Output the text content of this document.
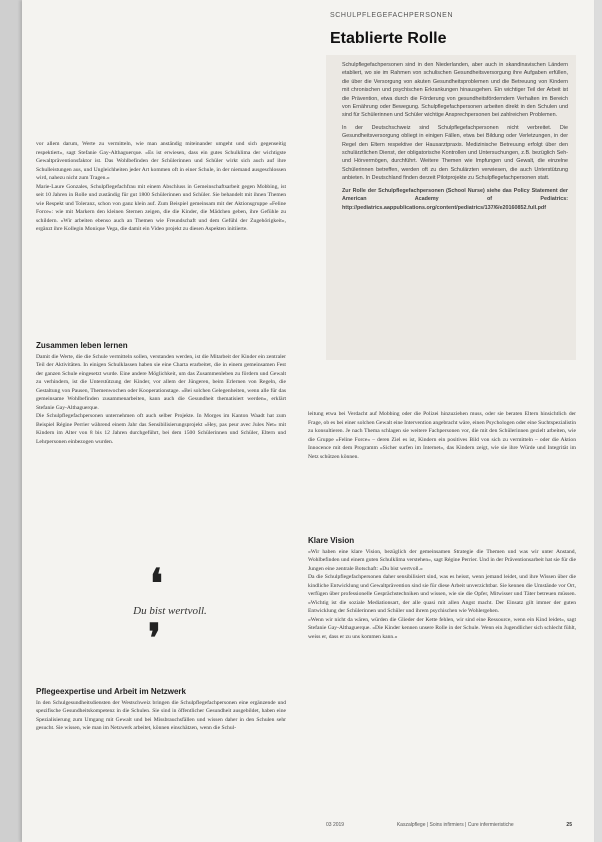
vor allem darum, Werte zu vermitteln, wie man anständig miteinander umgeht und sich gegenseitig respektiert», sagt Stefanie Gay-Althaguerque. «Es ist erwiesen, dass ein gutes Schulklima der wichtigste Gewaltpräventionsfaktor ist. Das Wohlbefinden der Schülerinnen und Schüler wirkt sich auch auf ihre Schulleistungen aus, und Ungleichheiten jeder Art kommen oft in einer Schule, in der niemand ausgeschlossen wird, nahezu nicht zum Tragen.»

Marie-Laure Gonzales, Schulpflegefachfrau mit einem Abschluss in Gemeinschaftsarbeit gegen Mobbing, ist seit 10 Jahren in Rolle und zuständig für gut 1800 Schülerinnen und Schüler. Sie behandelt mit ihnen Themen wie Respekt und Toleranz, schon von ganz klein auf. Zum Beispiel gemeinsam mit der Aktionsgruppe «Feline Force»: wie mit Markern den kleinen Sternen zeigen, die die Kinder, die Mädchen geben, ihre Gefühle zu schildern. «Wir arbeiten ebenso auch an Themen wie Freundschaft und dem Gefühl der Zugehörigkeit», ergänzt ihre Kollegin Monique Vega, die damit ein Video projekt zu diesen Aspekten initiierte.

Zusammen leben lernen

Damit die Werte, die die Schule vermitteln sollen, verstanden werden, ist die Mitarbeit der Kinder ein zentraler Teil der Aktivitäten. In einigen Schulklassen haben sie eine Charta erarbeitet, die in einem gemeinsamen Fest der ganzen Schule eingesetzt wurde. Eine andere Möglichkeit, um das Zusammenleben zu fördern und Gewalt zu verhindern, ist die Unterstützung der Kinder, vor allem der Jüngeren, beim Erlernen von Regeln, die Gestaltung von Pausen, Themenwochen oder Kooperationstage. «Bei solchen Gelegenheiten, wenn alle für das gemeinsame Wohlbefinden zusammenarbeiten, kann auch die Gesundheit thematisiert werden», erklärt Stefanie Gay-Althaguerque.

Die Schulpflegefachpersonen unternehmen oft auch selber Projekte. In Morges im Kanton Waadt hat zum Beispiel Régine Perrier während einem Jahr das Sensibilisierungsprojekt «Hey, pas peur avec Jules Net» mit Kindern im Alter von 8 bis 12 Jahren durchgeführt, bei dem 1500 Schülerinnen und Schüler, Eltern und Lehrpersonen einbezogen wurden.

❛
Du bist wertvoll.
❜
Pflegeexpertise und Arbeit im Netzwerk

In den Schulgesundheitsdiensten der Westschweiz bringen die Schulpflegefachpersonen eine ergänzende und spezifische Gesundheitskompetenz in die Schulen. Sie sind in öffentlicher Gesundheit ausgebildet, haben eine Spezialisierung zum Umgang mit Gewalt und bei Missbrauchsfällen und wissen daher in den Schulen sehr gesucht. Sie wissen, wie man im Netzwerk arbeitet, können einschätzen, wenn die Schul-

SCHULPFLEGEFACHPERSONEN
Etablierte Rolle

Schulpflegefachpersonen sind in den Niederlanden, aber auch in skandinavischen Ländern etabliert, wo sie im Rahmen von schulischen Gesundheitsversorgung ihre Aufgaben erfüllen, die über die Versorgung von akuten Gesundheitsproblemen und die Betreuung von Kindern mit chronischen und psychischen Erkrankungen hinausgehen. Ein wichtiger Teil der Arbeit ist die Prävention, etwa durch die Förderung von gesundheitsförderndem Verhalten im Bereich von Ernährung oder Bewegung. Schulpflegefachpersonen arbeiten direkt in den Schulen und sind für Schülerinnen und Schüler wichtige Ansprechpersonen bei zahlreichen Problemen.

In der Deutschschweiz sind Schulpflegefachpersonen nicht verbreitet. Die Gesundheitsversorgung obliegt in einigen Fällen, etwa bei Bildung oder Verletzungen, in der Regel den Eltern respektive der Hausarztpraxis. Medizinische Betreuung erfolgt über den schulärztlichen Dienst, der obligatorische Kontrollen und Untersuchungen, z.B. bezüglich Seh- und Hörvermögen, durchführt. Weitere Themen wie Impfungen und Gewalt, die einzelne Schülerinnen betreffen, werden oft zu den Schulärzten verwiesen, die auch Unterstützung anbieten. In Deutschland finden derzeit Pilotprojekte zu Schulpflegefachpersonen statt.

Zur Rolle der Schulpflegefachpersonen (School Nurse) siehe das Policy Statement der American Academy of Pediatrics: http://pediatrics.aappublications.org/content/pediatrics/137/6/e20160852.full.pdf

leitung etwa bei Verdacht auf Mobbing oder die Polizei hinzuziehen muss, oder sie beraten Eltern hinsichtlich der Frage, ob es bei einer solchen Gewalt eine Intervention angebracht wäre, einen Psychologen oder eine Suchtspezialistin zu konsultieren. Je nach Thema schlagen sie weitere Fachpersonen vor, die mit den Schülerinnen gezielt arbeiten, wie die Gruppe «Feline Force» – deren Ziel es ist, Kindern ein positives Bild von sich zu vermitteln – oder die Aktion Innocence mit dem Programm «Sicher surfen im Internet», das Kindern zeigt, wie sie ihre Würde und Integrität im Netz schützen können.

Klare Vision

«Wir haben eine klare Vision, bezüglich der gemeinsamen Strategie die Themen und was wir unter Anstand, Wohlbefinden und einem guten Schulklima verstehen», sagt Régine Perrier. Und in der Präventionsarbeit hat sie für die Jungen eine zentrale Botschaft: «Du bist wertvoll.»

Da die Schulpflegefachpersonen daher sensibilisiert sind, was es heisst, wenn jemand leidet, und ihre Wissen über die kindliche Entwicklung und Gewaltprävention sind sie für diese Arbeit unverzichtbar. Sie kennen die Umstände vor Ort, verfügen über professionelle Gesprächstechniken und wissen, wie sie die Opfer, Mitwisser und Täter betreuen müssen. «Wichtig ist die soziale Mediationsart, der alle quasi mit allen Angst macht. Der Einsatz gilt immer der guten Entwicklung der Schülerinnen und Schüler und ihrem psychischen wie Wohlergehen.

«Wenn wir nicht da wären, würden die Glieder der Kette fehlen, wir sind eine Ressource, wenn ein Kind leidet», sagt Stefanie Gay-Althaguerque. «Die Kinder kennen unsere Rolle in der Schule. Wenn ein Jugendlicher sich schlecht fühlt, weiss er, dass er zu uns kommen kann.»

03 2019	Kaszalpflege | Soins infirmiers | Cure infermieristiche	25
